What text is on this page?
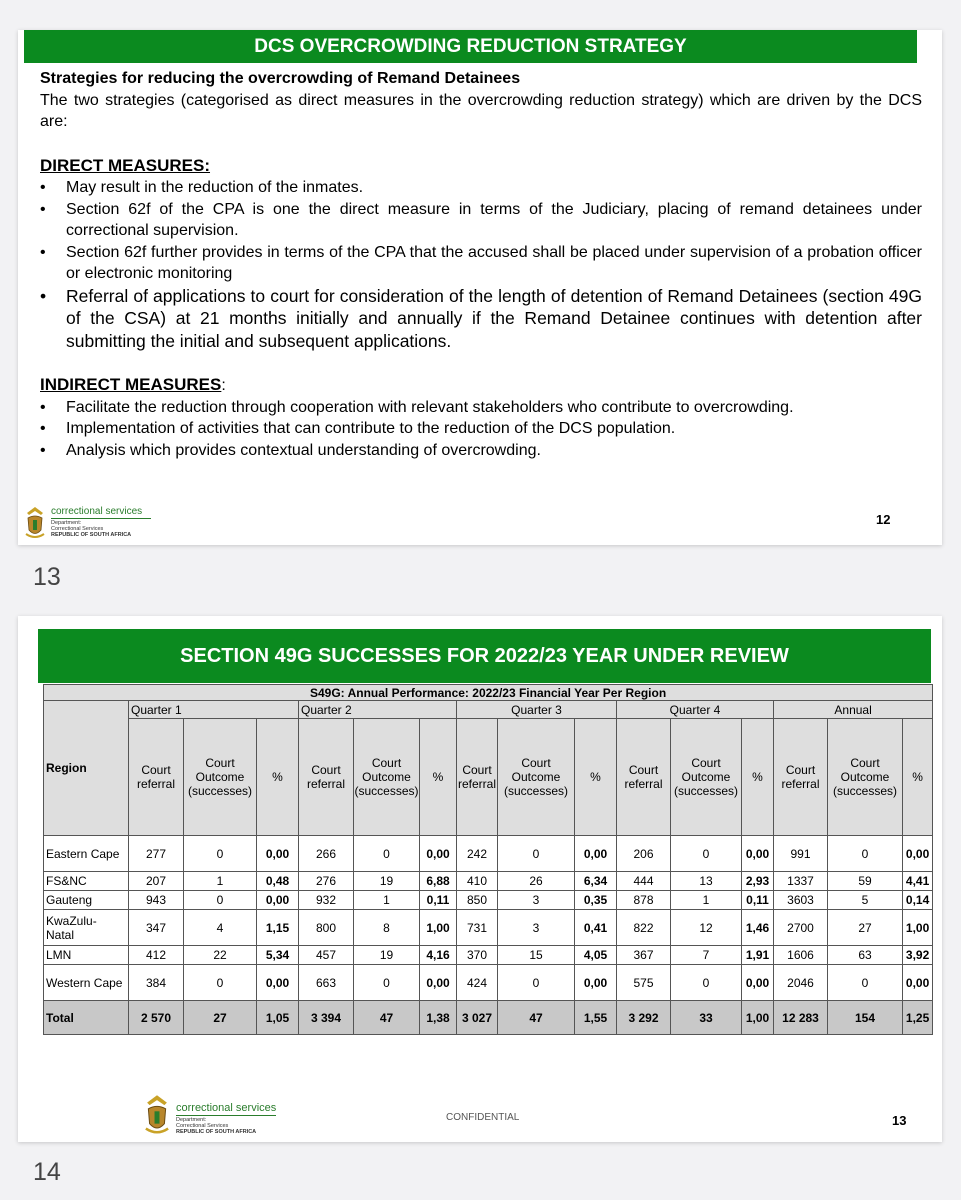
DCS OVERCROWDING REDUCTION STRATEGY

Strategies for reducing the overcrowding of Remand Detainees

The two strategies (categorised as direct measures in the overcrowding reduction strategy) which are driven by the DCS are:

DIRECT MEASURES:

• May result in the reduction of the inmates.
• Section 62f of the CPA is one the direct measure in terms of the Judiciary, placing of remand detainees under correctional supervision.
• Section 62f further provides in terms of the CPA that the accused shall be placed under supervision of a probation officer or electronic monitoring
• Referral of applications to court for consideration of the length of detention of Remand Detainees (section 49G of the CSA) at 21 months initially and annually if the Remand Detainee continues with detention after submitting the initial and subsequent applications.

INDIRECT MEASURES:

• Facilitate the reduction through cooperation with relevant stakeholders who contribute to overcrowding.
• Implementation of activities that can contribute to the reduction of the DCS population.
• Analysis which provides contextual understanding of overcrowding.
correctional services
Department:
Correctional Services
REPUBLIC OF SOUTH AFRICA
12
13
SECTION 49G SUCCESSES FOR 2022/23 YEAR UNDER REVIEW
S49G: Annual Performance: 2022/23 Financial Year Per Region															
Region	Quarter 1			Quarter 2			Quarter 3			Quarter 4			Annual		
	Court referral	Court Outcome (successes)	%	Court referral	Court Outcome (successes)	%	Court referral	Court Outcome (successes)	%	Court referral	Court Outcome (successes)	%	Court referral	Court Outcome (successes)	%
Eastern Cape	277	0	0,00	266	0	0,00	242	0	0,00	206	0	0,00	991	0	0,00
FS&NC	207	1	0,48	276	19	6,88	410	26	6,34	444	13	2,93	1337	59	4,41
Gauteng	943	0	0,00	932	1	0,11	850	3	0,35	878	1	0,11	3603	5	0,14
KwaZulu- Natal	347	4	1,15	800	8	1,00	731	3	0,41	822	12	1,46	2700	27	1,00
LMN	412	22	5,34	457	19	4,16	370	15	4,05	367	7	1,91	1606	63	3,92
Western Cape	384	0	0,00	663	0	0,00	424	0	0,00	575	0	0,00	2046	0	0,00
Total	2 570	27	1,05	3 394	47	1,38	3 027	47	1,55	3 292	33	1,00	12 283	154	1,25
correctional services
Department:
Correctional Services
REPUBLIC OF SOUTH AFRICA
CONFIDENTIAL	13
14
